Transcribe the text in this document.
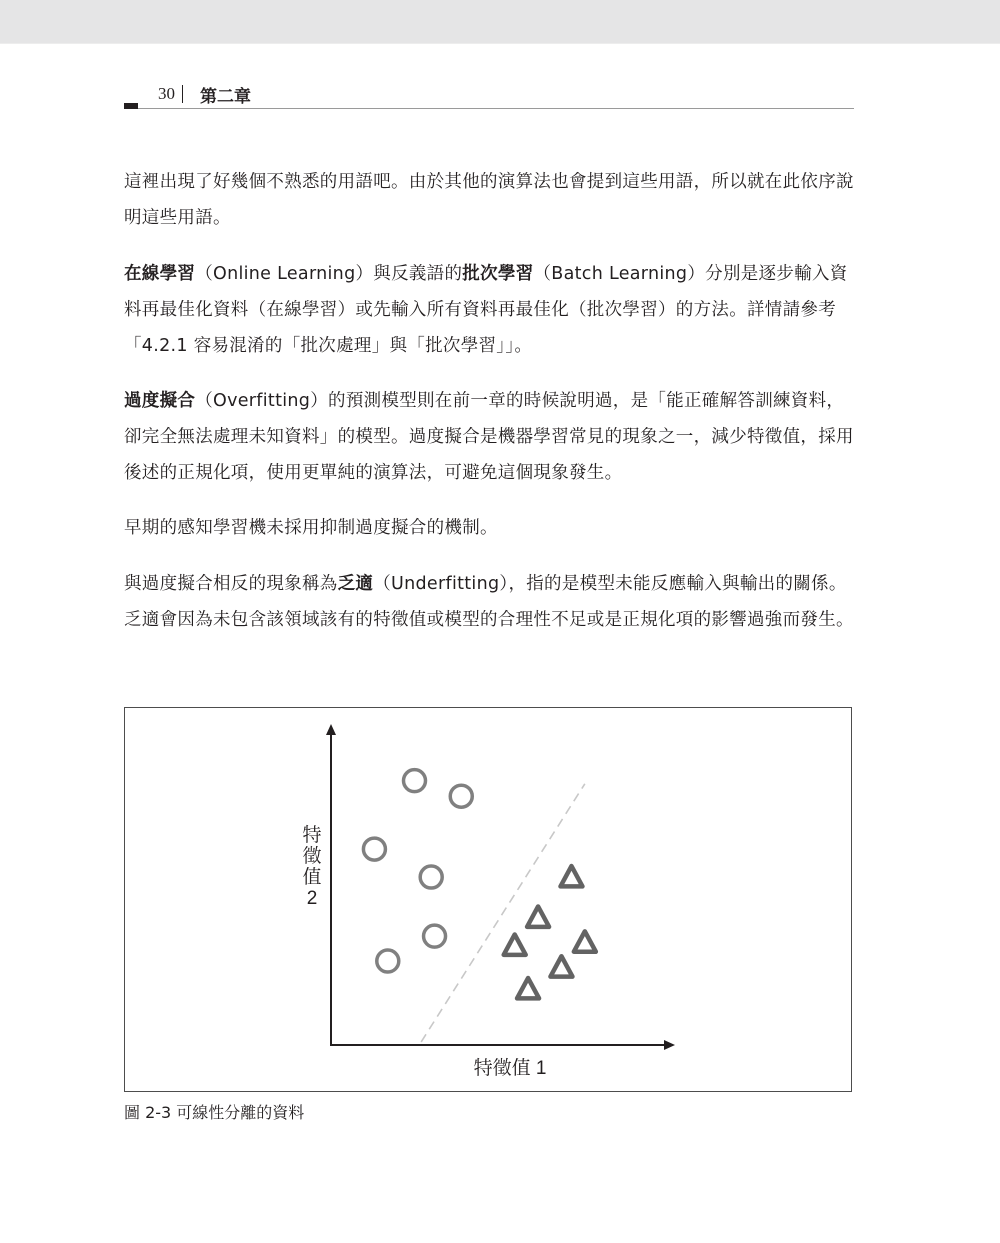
30 第二章
這裡出現了好幾個不熟悉的用語吧。由於其他的演算法也會提到這些用語，所以就在此依序說明這些用語。
在線學習（Online Learning）與反義語的批次學習（Batch Learning）分別是逐步輸入資料再最佳化資料（在線學習）或先輸入所有資料再最佳化（批次學習）的方法。詳情請參考「4.2.1 容易混淆的「批次處理」與「批次學習」」。
過度擬合（Overfitting）的預測模型則在前一章的時候說明過，是「能正確解答訓練資料，卻完全無法處理未知資料」的模型。過度擬合是機器學習常見的現象之一，減少特徵值，採用後述的正規化項，使用更單純的演算法，可避免這個現象發生。
早期的感知學習機未採用抑制過度擬合的機制。
與過度擬合相反的現象稱為乏適（Underfitting），指的是模型未能反應輸入與輸出的關係。乏適會因為未包含該領域該有的特徵值或模型的合理性不足或是正規化項的影響過強而發生。
特徵值 1
特
徵
值
2
圖 2-3 可線性分離的資料
